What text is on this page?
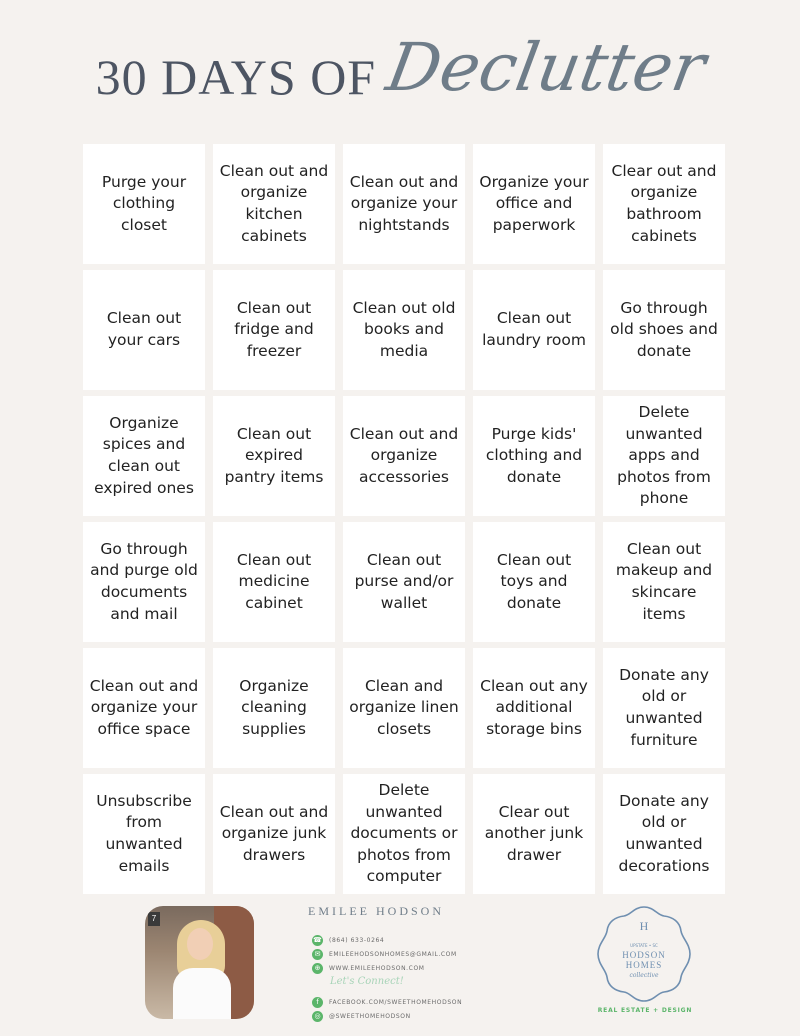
30 DAYS OFDeclutter
Purge your clothing closet
Clean out and organize kitchen cabinets
Clean out and organize your nightstands
Organize your office and paperwork
Clear out and organize bathroom cabinets
Clean out your cars
Clean out fridge and freezer
Clean out old books and media
Clean out laundry room
Go through old shoes and donate
Organize spices and clean out expired ones
Clean out expired pantry items
Clean out and organize accessories
Purge kids' clothing and donate
Delete unwanted apps and photos from phone
Go through and purge old documents and mail
Clean out medicine cabinet
Clean out purse and/or wallet
Clean out toys and donate
Clean out makeup and skincare items
Clean out and organize your office space
Organize cleaning supplies
Clean and organize linen closets
Clean out any additional storage bins
Donate any old or unwanted furniture
Unsubscribe from unwanted emails
Clean out and organize junk drawers
Delete unwanted documents or photos from computer
Clear out another junk drawer
Donate any old or unwanted decorations
7
EMILEE HODSON
☎ (864) 633-0264
✉	EMILEEHODSONHOMES@GMAIL.COM
⊕	WWW.EMILEEHODSON.COM
Let's Connect!
f	FACEBOOK.COM/SWEETHOMEHODSON
◎	@SWEETHOMEHODSON
H
UPSTATE • SC
HODSON
HOMES
collective
REAL ESTATE + DESIGN
